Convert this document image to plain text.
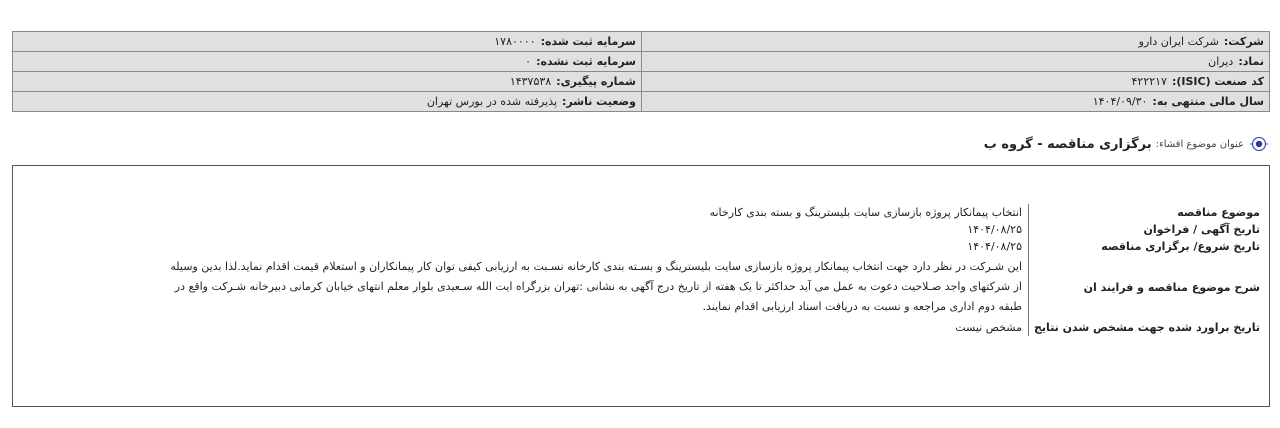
شرکت:شرکت ایران دارو	سرمایه ثبت شده:۱۷۸۰۰۰۰
نماد:دیران	سرمایه ثبت نشده:۰
کد صنعت (ISIC):۴۲۲۲۱۷	شماره پیگیری:۱۴۳۷۵۳۸
سال مالی منتهی به:۱۴۰۴/۰۹/۳۰	وضعیت ناشر:پذیرفته شده در بورس تهران
عنوان موضوع افشاء:
برگزاری مناقصه - گروه ب
موضوع مناقصه	انتخاب پیمانکار پروژه بازسازی سایت بلیسترینگ و بسته بندی کارخانه
تاریخ آگهی / فراخوان	۱۴۰۴/۰۸/۲۵
تاریخ شروع/ برگزاری مناقصه	۱۴۰۴/۰۸/۲۵
شرح موضوع مناقصه و فرایند ان	این شـرکت در نظر دارد جهت انتخاب پیمانکار پروژه بازسازی سایت بلیسترینگ و بسـته بندی کارخانه نسـبت به ارزیابی کیفی توان کار پیمانکاران و استعلام قیمت اقدام نماید.لذا بدین وسیله از شرکتهای واجد صـلاحیت دعوت به عمل می آید حداکثر تا یک هفته از تاریخ درج آگهی به نشانی :تهران بزرگراه ایت الله سـعیدی بلوار معلم انتهای خیابان کرمانی دبیرخانه شـرکت واقع در طبقه دوم اداری مراجعه و نسبت به دریافت اسناد ارزیابی اقدام نمایند.

تاریخ براورد شده جهت مشخص شدن نتایج	مشخص نیست
